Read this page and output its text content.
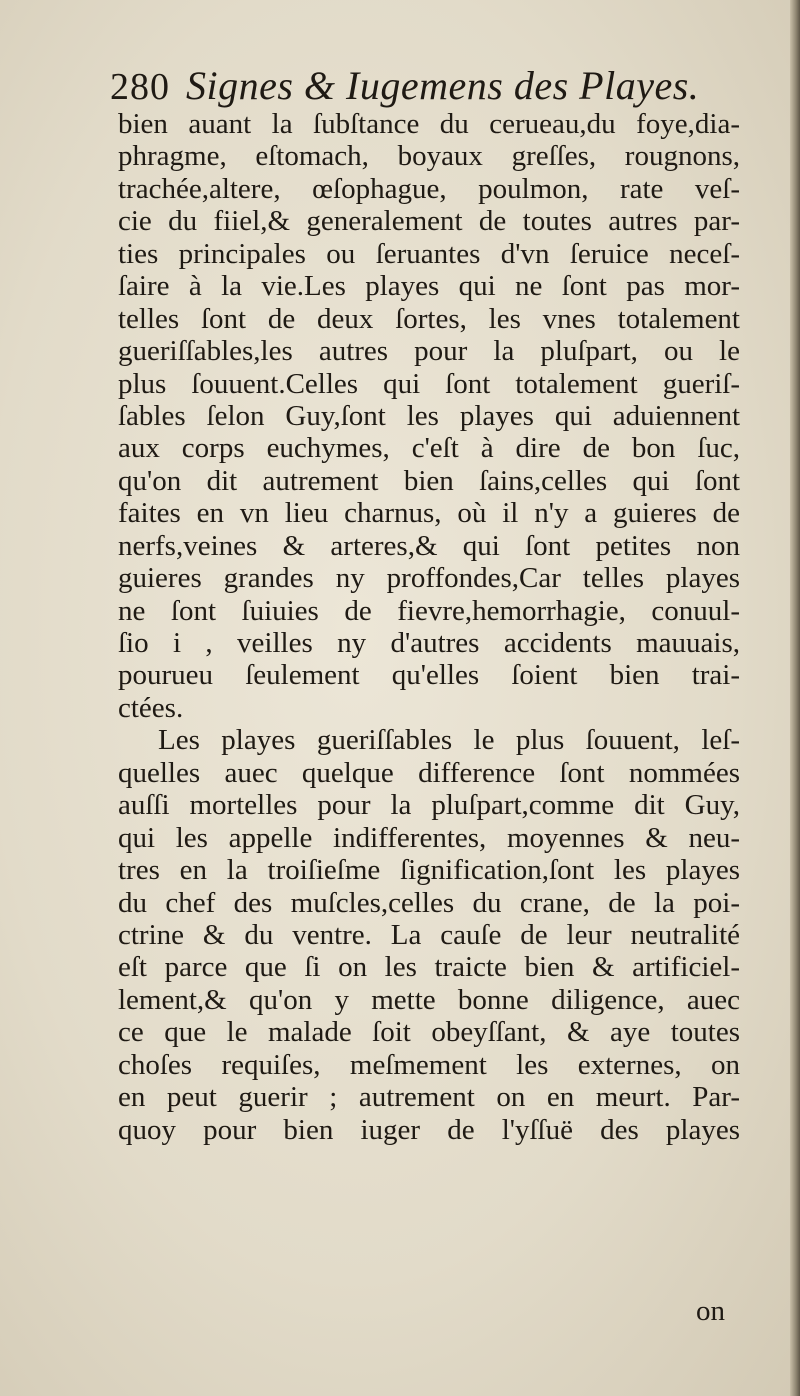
280 Signes & Iugemens des Playes.
bien auant la ſubſtance du cerueau,du foye,dia-
phragme, eſtomach, boyaux greſſes, rougnons,
trachée,altere, œſophague, poulmon, rate veſ-
cie du fiiel,& generalement de toutes autres par-
ties principales ou ſeruantes d'vn ſeruice neceſ-
ſaire à la vie.Les playes qui ne ſont pas mor-
telles ſont de deux ſortes, les vnes totalement
gueriſſables,les autres pour la pluſpart, ou le
plus ſouuent.Celles qui ſont totalement gueriſ-
ſables ſelon Guy,ſont les playes qui aduiennent
aux corps euchymes, c'eſt à dire de bon ſuc,
qu'on dit autrement bien ſains,celles qui ſont
faites en vn lieu charnus, où il n'y a guieres de
nerfs,veines & arteres,& qui ſont petites non
guieres grandes ny proffondes,Car telles playes
ne ſont ſuiuies de fievre,hemorrhagie, conuul-
ſio i , veilles ny d'autres accidents mauuais,
pourueu ſeulement qu'elles ſoient bien trai-
ctées.
Les playes gueriſſables le plus ſouuent, leſ-
quelles auec quelque difference ſont nommées
auſſi mortelles pour la pluſpart,comme dit Guy,
qui les appelle indifferentes, moyennes & neu-
tres en la troiſieſme ſignification,ſont les playes
du chef des muſcles,celles du crane, de la poi-
ctrine & du ventre. La cauſe de leur neutralité
eſt parce que ſi on les traicte bien & artificiel-
lement,& qu'on y mette bonne diligence, auec
ce que le malade ſoit obeyſſant, & aye toutes
choſes requiſes, meſmement les externes, on
en peut guerir ; autrement on en meurt. Par-
quoy pour bien iuger de l'yſſuë des playes
on
